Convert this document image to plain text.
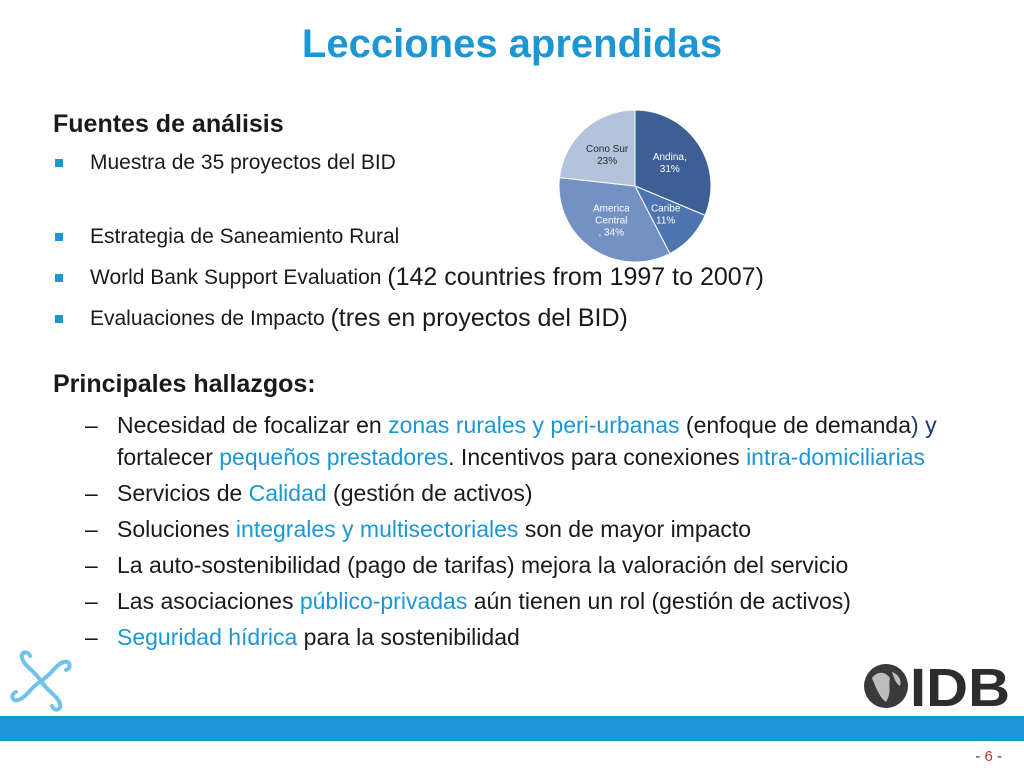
Lecciones aprendidas
Fuentes de análisis
Muestra de 35 proyectos del BID
Estrategia de Saneamiento Rural
World Bank Support Evaluation (142 countries from 1997 to 2007)
Evaluaciones de Impacto (tres en proyectos del BID)
Andina, 31%
Caribe 11%
America Central , 34%
Cono Sur 23%
Principales hallazgos:
– Necesidad de focalizar en zonas rurales y peri-urbanas (enfoque de demanda) y fortalecer pequeños prestadores. Incentivos para conexiones intra-domiciliarias
– Servicios de Calidad (gestión de activos)
– Soluciones integrales y multisectoriales son de mayor impacto
– La auto-sostenibilidad (pago de tarifas) mejora la valoración del servicio
– Las asociaciones público-privadas aún tienen un rol (gestión de activos)
– Seguridad hídrica para la sostenibilidad
IDB
- 6 -
